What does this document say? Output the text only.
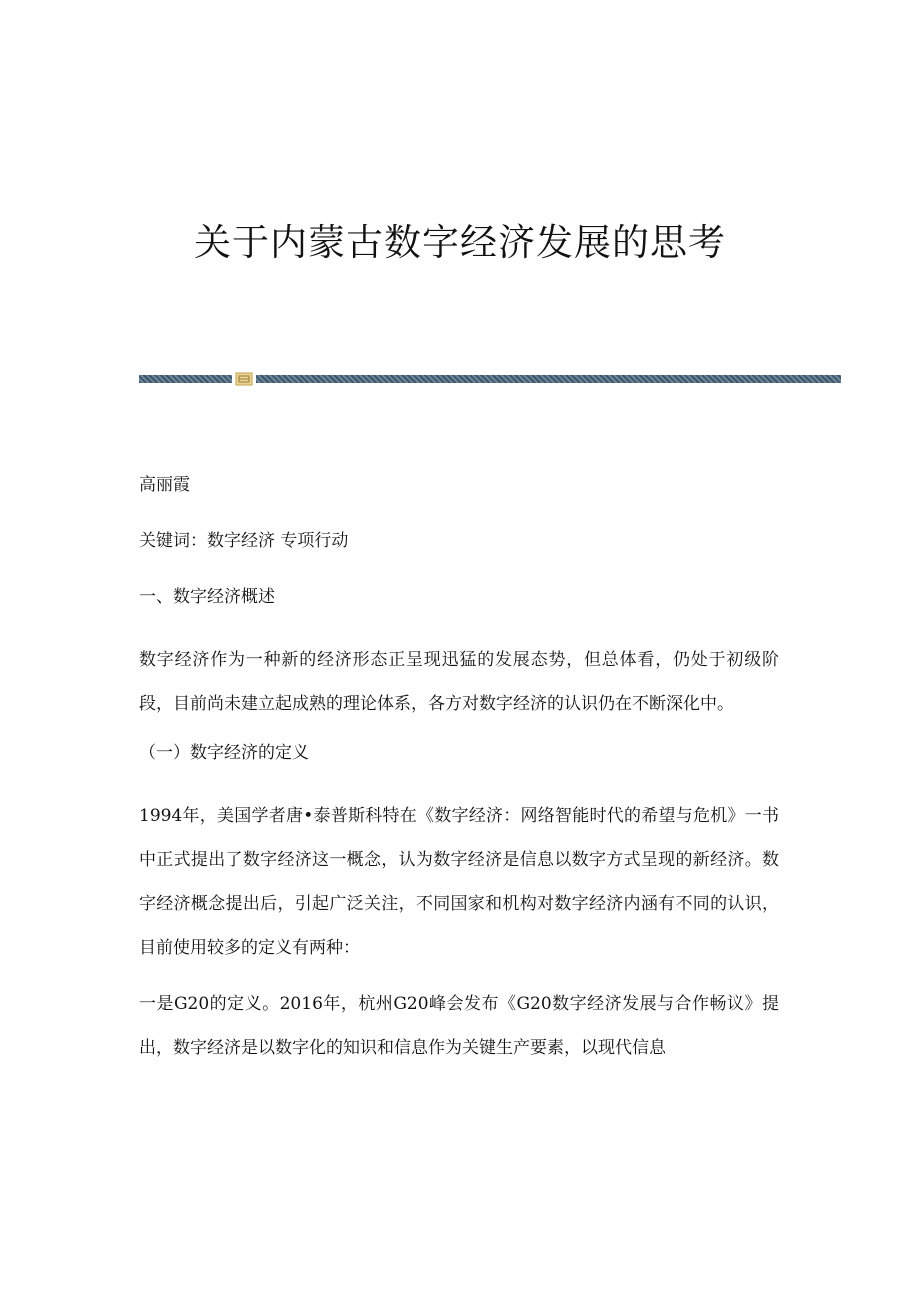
关于内蒙古数字经济发展的思考

高丽霞

关键词：数字经济 专项行动

一、数字经济概述

数字经济作为一种新的经济形态正呈现迅猛的发展态势，但总体看，仍处于初级阶段，目前尚未建立起成熟的理论体系，各方对数字经济的认识仍在不断深化中。

（一）数字经济的定义

1994年，美国学者唐•泰普斯科特在《数字经济：网络智能时代的希望与危机》一书中正式提出了数字经济这一概念，认为数字经济是信息以数字方式呈现的新经济。数字经济概念提出后，引起广泛关注，不同国家和机构对数字经济内涵有不同的认识，目前使用较多的定义有两种：

一是G20的定义。2016年，杭州G20峰会发布《G20数字经济发展与合作畅议》提出，数字经济是以数字化的知识和信息作为关键生产要素，以现代信息
